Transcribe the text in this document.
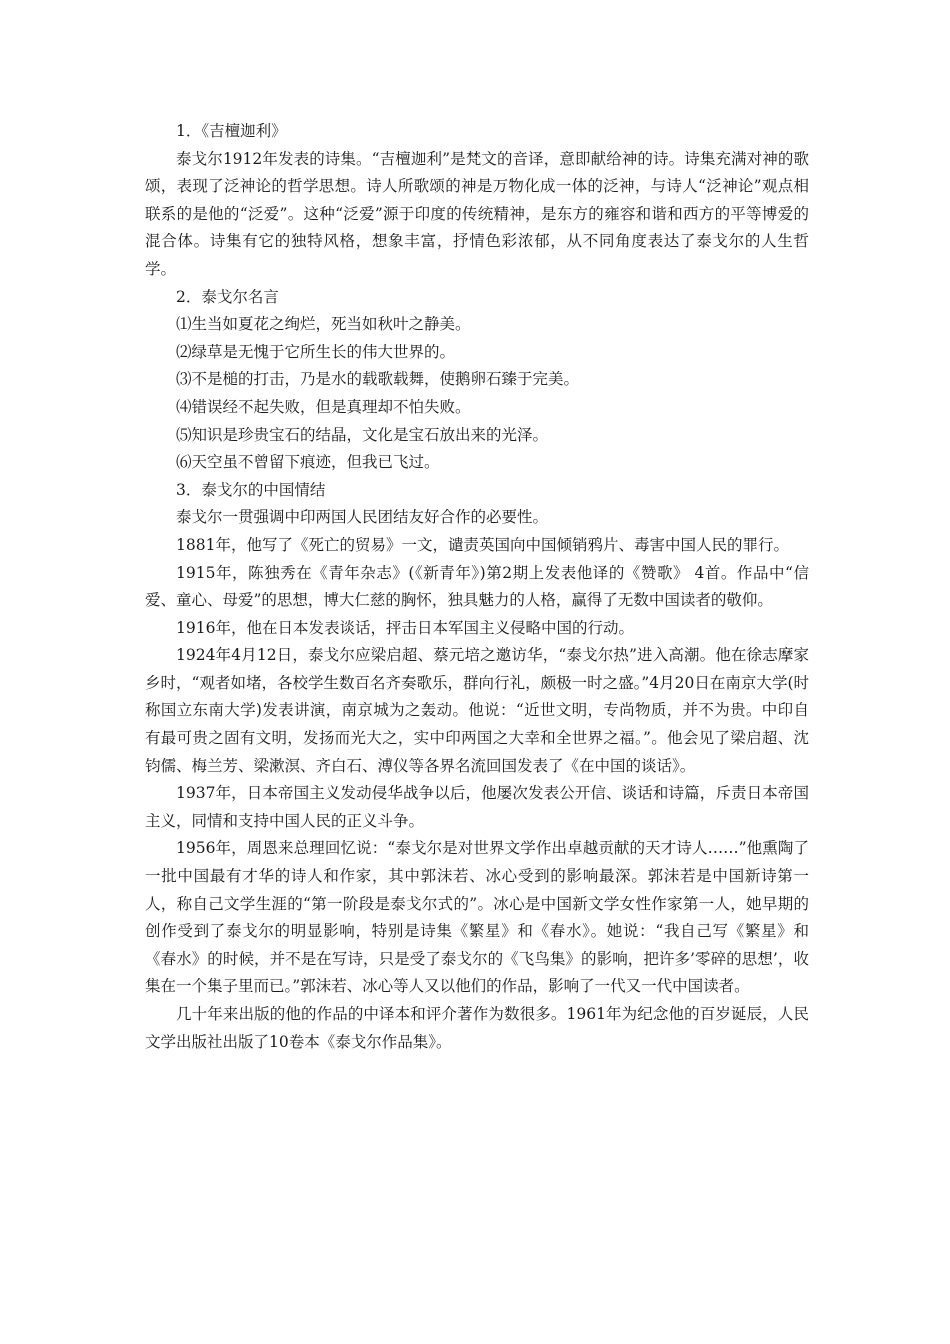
1．《吉檀迦利》

泰戈尔1912年发表的诗集。“吉檀迦利”是梵文的音译，意即献给神的诗。诗集充满对神的歌颂，表现了泛神论的哲学思想。诗人所歌颂的神是万物化成一体的泛神，与诗人“泛神论”观点相联系的是他的“泛爱”。这种“泛爱”源于印度的传统精神，是东方的雍容和谐和西方的平等博爱的混合体。诗集有它的独特风格，想象丰富，抒情色彩浓郁，从不同角度表达了泰戈尔的人生哲学。

2．泰戈尔名言

⑴生当如夏花之绚烂，死当如秋叶之静美。

⑵绿草是无愧于它所生长的伟大世界的。

⑶不是槌的打击，乃是水的载歌载舞，使鹅卵石臻于完美。

⑷错误经不起失败，但是真理却不怕失败。

⑸知识是珍贵宝石的结晶，文化是宝石放出来的光泽。

⑹天空虽不曾留下痕迹，但我已飞过。

3．泰戈尔的中国情结

泰戈尔一贯强调中印两国人民团结友好合作的必要性。

1881年，他写了《死亡的贸易》一文，谴责英国向中国倾销鸦片、毒害中国人民的罪行。

1915年，陈独秀在《青年杂志》(《新青年》)第2期上发表他译的《赞歌》 4首。作品中“信爱、童心、母爱”的思想，博大仁慈的胸怀，独具魅力的人格，赢得了无数中国读者的敬仰。

1916年，他在日本发表谈话，抨击日本军国主义侵略中国的行动。

1924年4月12日，泰戈尔应梁启超、蔡元培之邀访华，“泰戈尔热”进入高潮。他在徐志摩家乡时，“观者如堵，各校学生数百名齐奏歌乐，群向行礼，颇极一时之盛。”4月20日在南京大学(时称国立东南大学)发表讲演，南京城为之轰动。他说：“近世文明，专尚物质，并不为贵。中印自有最可贵之固有文明，发扬而光大之，实中印两国之大幸和全世界之福。”。他会见了梁启超、沈钧儒、梅兰芳、梁漱溟、齐白石、溥仪等各界名流回国发表了《在中国的谈话》。

1937年，日本帝国主义发动侵华战争以后，他屡次发表公开信、谈话和诗篇，斥责日本帝国主义，同情和支持中国人民的正义斗争。

1956年，周恩来总理回忆说：“泰戈尔是对世界文学作出卓越贡献的天才诗人……”他熏陶了一批中国最有才华的诗人和作家，其中郭沫若、冰心受到的影响最深。郭沫若是中国新诗第一人，称自己文学生涯的“第一阶段是泰戈尔式的”。冰心是中国新文学女性作家第一人，她早期的创作受到了泰戈尔的明显影响，特别是诗集《繁星》和《春水》。她说：“我自己写《繁星》和《春水》的时候，并不是在写诗，只是受了泰戈尔的《飞鸟集》的影响，把许多’零碎的思想’，收集在一个集子里而已。”郭沫若、冰心等人又以他们的作品，影响了一代又一代中国读者。

几十年来出版的他的作品的中译本和评介著作为数很多。1961年为纪念他的百岁诞辰，人民文学出版社出版了10卷本《泰戈尔作品集》。
